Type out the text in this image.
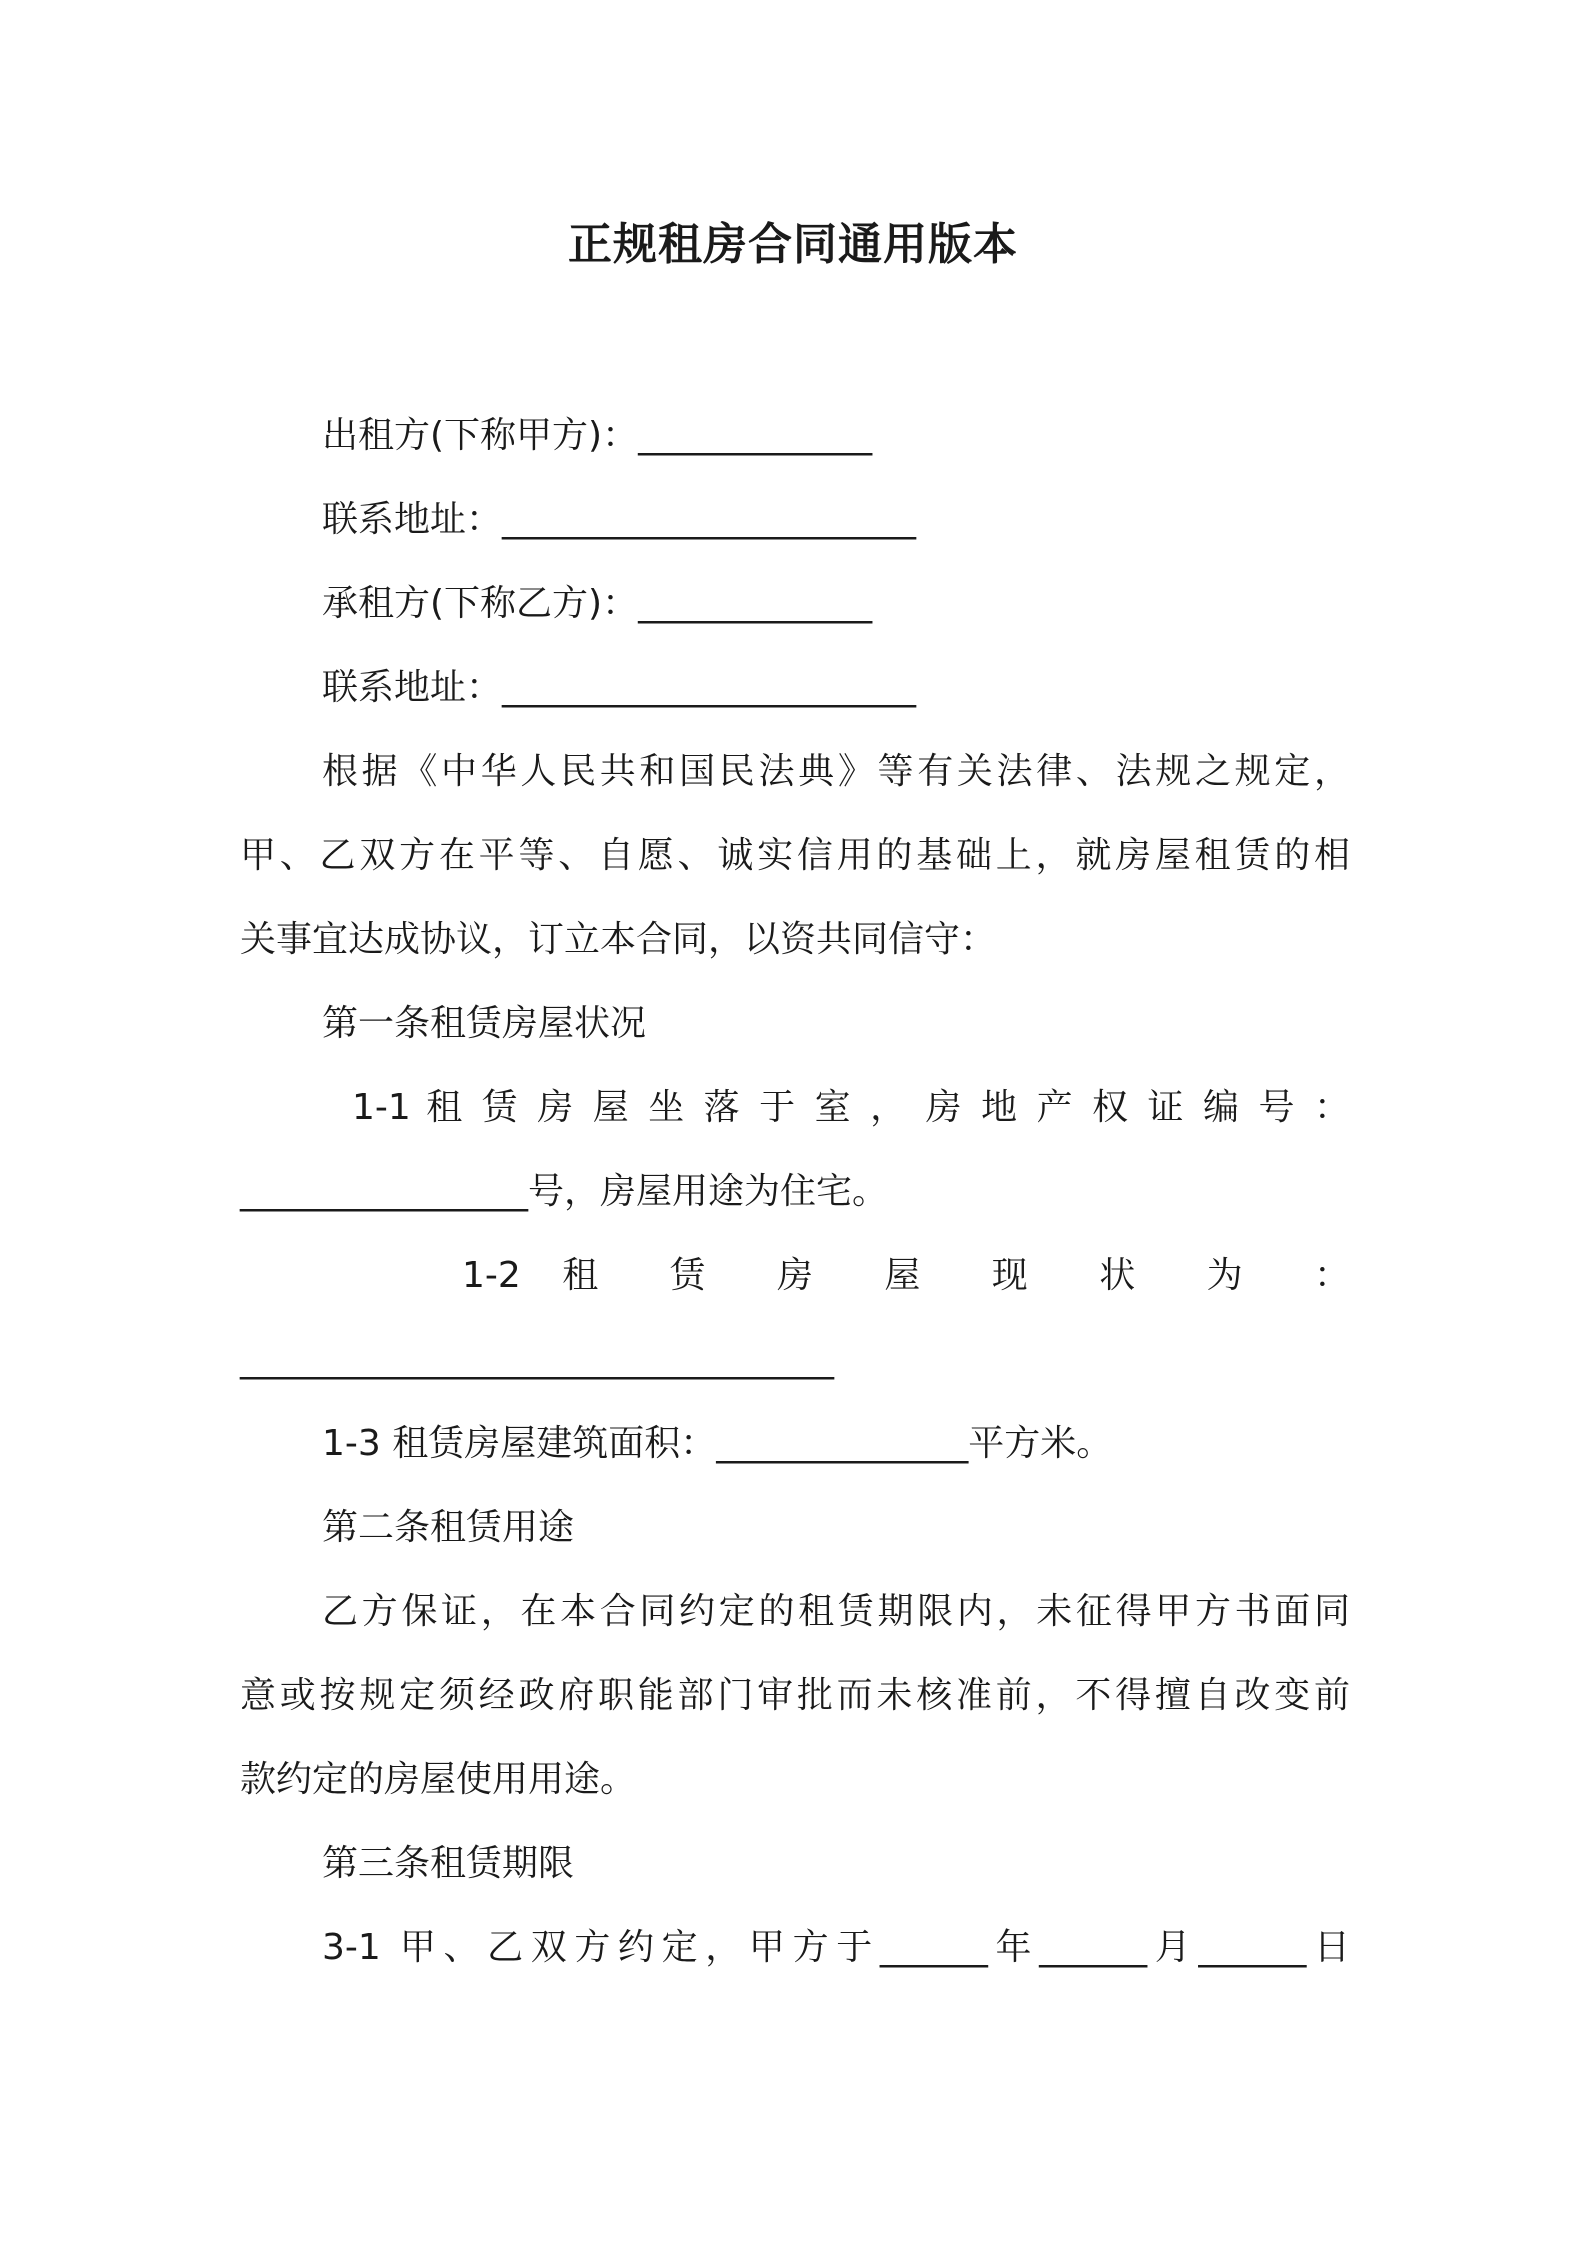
正规租房合同通用版本
出租方(下称甲方)：_____________
联系地址：_______________________
承租方(下称乙方)：_____________
联系地址：_______________________
根据《中华人民共和国民法典》等有关法律、法规之规定，
甲、乙双方在平等、自愿、诚实信用的基础上，就房屋租赁的相
关事宜达成协议，订立本合同，以资共同信守：
第一条租赁房屋状况
1-1 租 赁 房 屋 坐 落 于 室 ， 房 地 产 权 证 编 号 ：
________________号，房屋用途为住宅。
1-2 租 赁 房 屋 现 状 为 ：
_________________________________
1-3 租赁房屋建筑面积：______________平方米。
第二条租赁用途
乙方保证，在本合同约定的租赁期限内，未征得甲方书面同
意或按规定须经政府职能部门审批而未核准前，不得擅自改变前
款约定的房屋使用用途。
第三条租赁期限
3-1 甲、乙双方约定，甲方于______年______月______日
